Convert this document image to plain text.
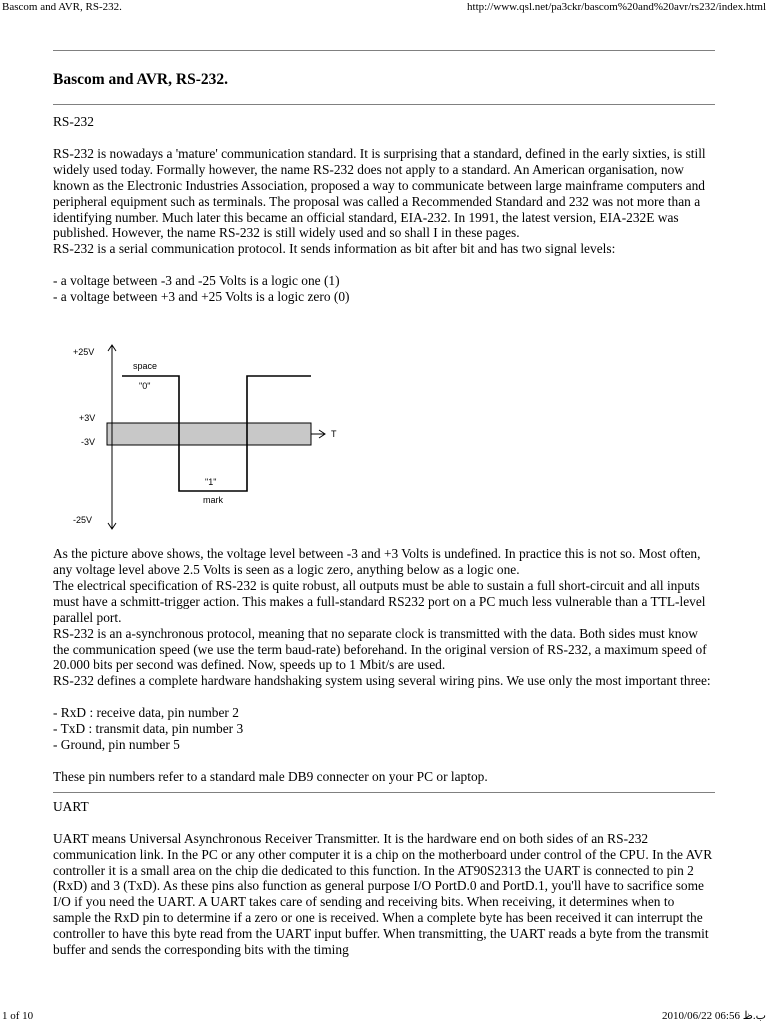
Bascom and AVR, RS-232.	http://www.qsl.net/pa3ckr/bascom%20and%20avr/rs232/index.html
Bascom and AVR, RS-232.

RS-232

RS-232 is nowadays a 'mature' communication standard. It is surprising that a standard, defined in the early sixties, is still widely used today. Formally however, the name RS-232 does not apply to a standard. An American organisation, now known as the Electronic Industries Association, proposed a way to communicate between large mainframe computers and peripheral equipment such as terminals. The proposal was called a Recommended Standard and 232 was not more than a identifying number. Much later this became an official standard, EIA-232. In 1991, the latest version, EIA-232E was published. However, the name RS-232 is still widely used and so shall I in these pages.

RS-232 is a serial communication protocol. It sends information as bit after bit and has two signal levels:

- a voltage between -3 and -25 Volts is a logic one (1)

- a voltage between +3 and +25 Volts is a logic zero (0)

+25V
+3V
-3V
-25V
space
"0"
"1"
mark
T

As the picture above shows, the voltage level between -3 and +3 Volts is undefined. In practice this is not so. Most often, any voltage level above 2.5 Volts is seen as a logic zero, anything below as a logic one.

The electrical specification of RS-232 is quite robust, all outputs must be able to sustain a full short-circuit and all inputs must have a schmitt-trigger action. This makes a full-standard RS232 port on a PC much less vulnerable than a TTL-level parallel port.

RS-232 is an a-synchronous protocol, meaning that no separate clock is transmitted with the data. Both sides must know the communication speed (we use the term baud-rate) beforehand. In the original version of RS-232, a maximum speed of 20.000 bits per second was defined. Now, speeds up to 1 Mbit/s are used.

RS-232 defines a complete hardware handshaking system using several wiring pins. We use only the most important three:

- RxD : receive data, pin number 2

- TxD : transmit data, pin number 3

- Ground, pin number 5

These pin numbers refer to a standard male DB9 connecter on your PC or laptop.

UART

UART means Universal Asynchronous Receiver Transmitter. It is the hardware end on both sides of an RS-232 communication link. In the PC or any other computer it is a chip on the motherboard under control of the CPU. In the AVR controller it is a small area on the chip die dedicated to this function. In the AT90S2313 the UART is connected to pin 2 (RxD) and 3 (TxD). As these pins also function as general purpose I/O PortD.0 and PortD.1, you'll have to sacrifice some I/O if you need the UART. A UART takes care of sending and receiving bits. When receiving, it determines when to sample the RxD pin to determine if a zero or one is received. When a complete byte has been received it can interrupt the controller to have this byte read from the UART input buffer. When transmitting, the UART reads a byte from the transmit buffer and sends the corresponding bits with the timing

1 of 10	2010/06/22 06:56 ب.ظ
